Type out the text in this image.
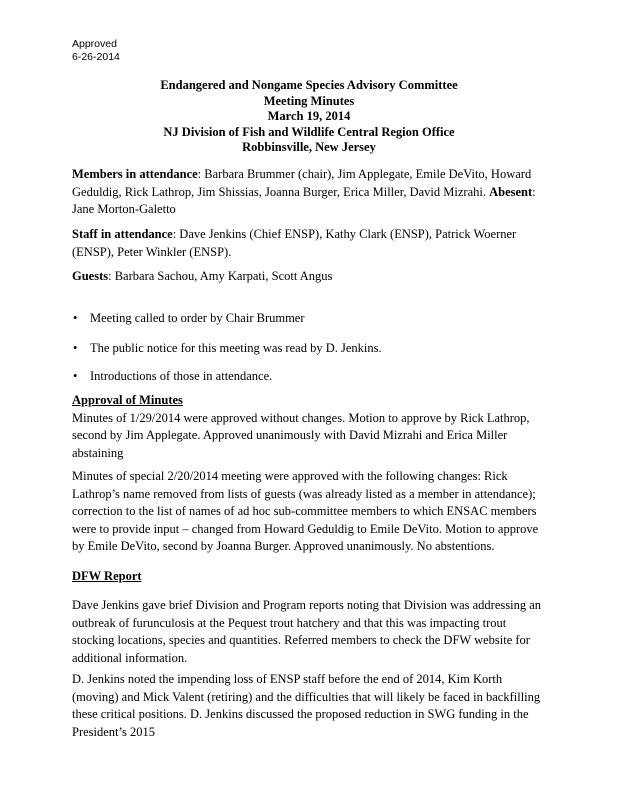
Approved
6-26-2014
Endangered and Nongame Species Advisory Committee
Meeting Minutes
March 19, 2014
NJ Division of Fish and Wildlife Central Region Office
Robbinsville, New Jersey

Members in attendance: Barbara Brummer (chair), Jim Applegate, Emile DeVito, Howard Geduldig, Rick Lathrop, Jim Shissias, Joanna Burger, Erica Miller, David Mizrahi. Abesent: Jane Morton-Galetto

Staff in attendance: Dave Jenkins (Chief ENSP), Kathy Clark (ENSP), Patrick Woerner (ENSP), Peter Winkler (ENSP).

Guests: Barbara Sachou, Amy Karpati, Scott Angus

• Meeting called to order by Chair Brummer
• The public notice for this meeting was read by D. Jenkins.
• Introductions of those in attendance.

Approval of Minutes

Minutes of 1/29/2014 were approved without changes. Motion to approve by Rick Lathrop, second by Jim Applegate. Approved unanimously with David Mizrahi and Erica Miller abstaining

Minutes of special 2/20/2014 meeting were approved with the following changes: Rick Lathrop’s name removed from lists of guests (was already listed as a member in attendance); correction to the list of names of ad hoc sub-committee members to which ENSAC members were to provide input – changed from Howard Geduldig to Emile DeVito. Motion to approve by Emile DeVito, second by Joanna Burger. Approved unanimously. No abstentions.

DFW Report

Dave Jenkins gave brief Division and Program reports noting that Division was addressing an outbreak of furunculosis at the Pequest trout hatchery and that this was impacting trout stocking locations, species and quantities. Referred members to check the DFW website for additional information.

D. Jenkins noted the impending loss of ENSP staff before the end of 2014, Kim Korth (moving) and Mick Valent (retiring) and the difficulties that will likely be faced in backfilling these critical positions. D. Jenkins discussed the proposed reduction in SWG funding in the President’s 2015
